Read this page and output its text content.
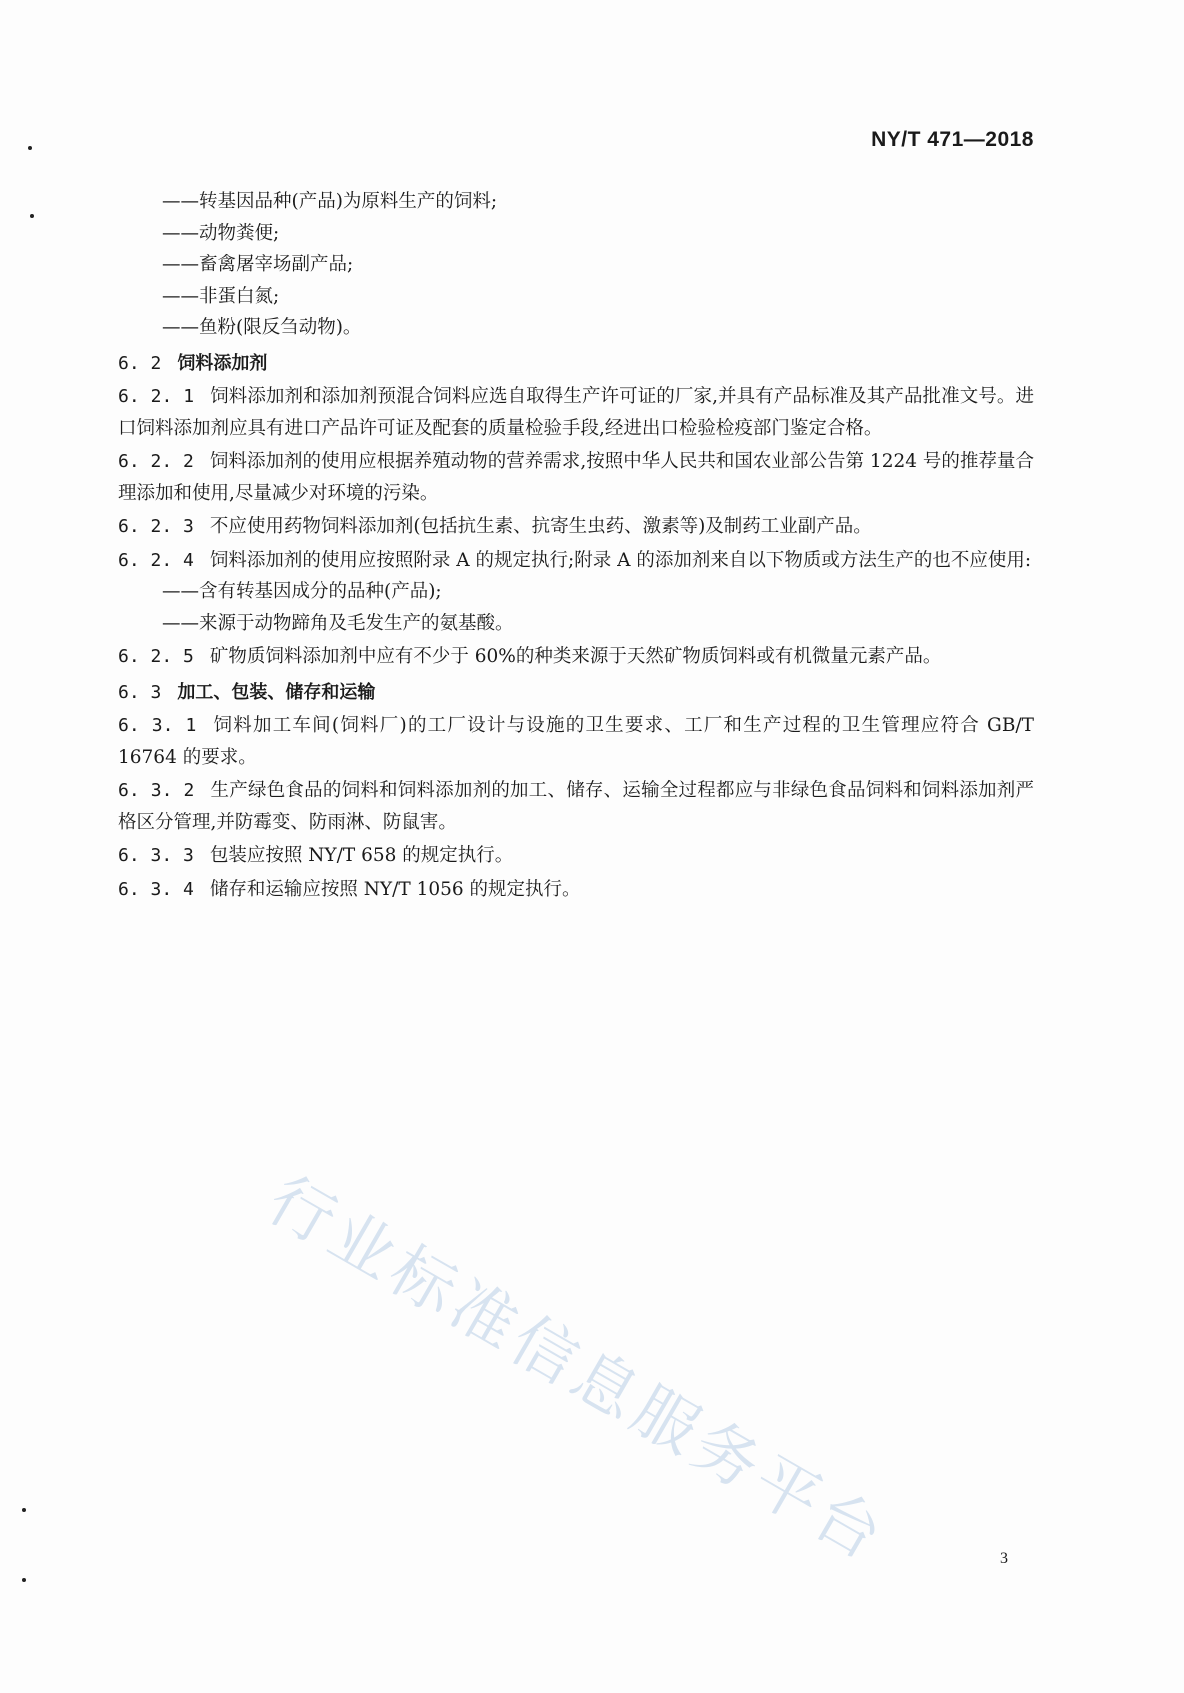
NY/T 471—2018

——转基因品种(产品)为原料生产的饲料;

——动物粪便;

——畜禽屠宰场副产品;

——非蛋白氮;

——鱼粉(限反刍动物)。

6. 2 饲料添加剂

6. 2. 1 饲料添加剂和添加剂预混合饲料应选自取得生产许可证的厂家,并具有产品标准及其产品批准文号。进口饲料添加剂应具有进口产品许可证及配套的质量检验手段,经进出口检验检疫部门鉴定合格。

6. 2. 2 饲料添加剂的使用应根据养殖动物的营养需求,按照中华人民共和国农业部公告第 1224 号的推荐量合理添加和使用,尽量减少对环境的污染。

6. 2. 3 不应使用药物饲料添加剂(包括抗生素、抗寄生虫药、激素等)及制药工业副产品。

6. 2. 4 饲料添加剂的使用应按照附录 A 的规定执行;附录 A 的添加剂来自以下物质或方法生产的也不应使用:

——含有转基因成分的品种(产品);

——来源于动物蹄角及毛发生产的氨基酸。

6. 2. 5 矿物质饲料添加剂中应有不少于 60%的种类来源于天然矿物质饲料或有机微量元素产品。

6. 3 加工、包装、储存和运输

6. 3. 1 饲料加工车间(饲料厂)的工厂设计与设施的卫生要求、工厂和生产过程的卫生管理应符合 GB/T 16764 的要求。

6. 3. 2 生产绿色食品的饲料和饲料添加剂的加工、储存、运输全过程都应与非绿色食品饲料和饲料添加剂严格区分管理,并防霉变、防雨淋、防鼠害。

6. 3. 3 包装应按照 NY/T 658 的规定执行。

6. 3. 4 储存和运输应按照 NY/T 1056 的规定执行。

行业标准信息服务平台	3
